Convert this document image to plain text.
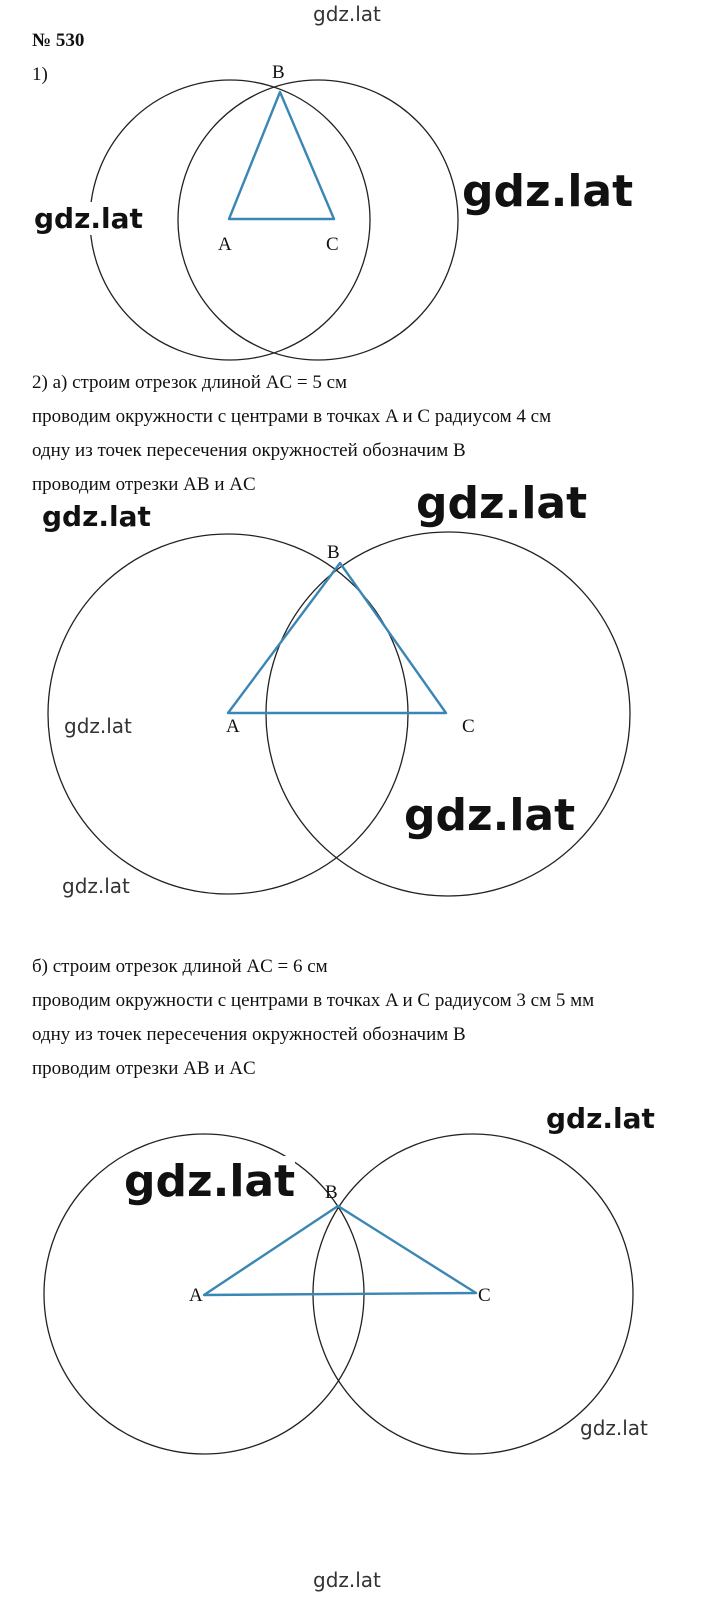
gdz.lat
№ 530
1)	B
A	C
gdz.lat
gdz.lat
2) а) строим отрезок длиной AC = 5 см
проводим окружности с центрами в точках A и C радиусом 4 см
одну из точек пересечения окружностей обозначим B
проводим отрезки AB и AC
B
A	C
gdz.lat	gdz.lat
gdz.lat
gdz.lat
gdz.lat
б) строим отрезок длиной AC = 6 см
проводим окружности с центрами в точках A и C радиусом 3 см 5 мм
одну из точек пересечения окружностей обозначим B
проводим отрезки AB и AC
B
A	C
gdz.lat
gdz.lat
gdz.lat
gdz.lat
